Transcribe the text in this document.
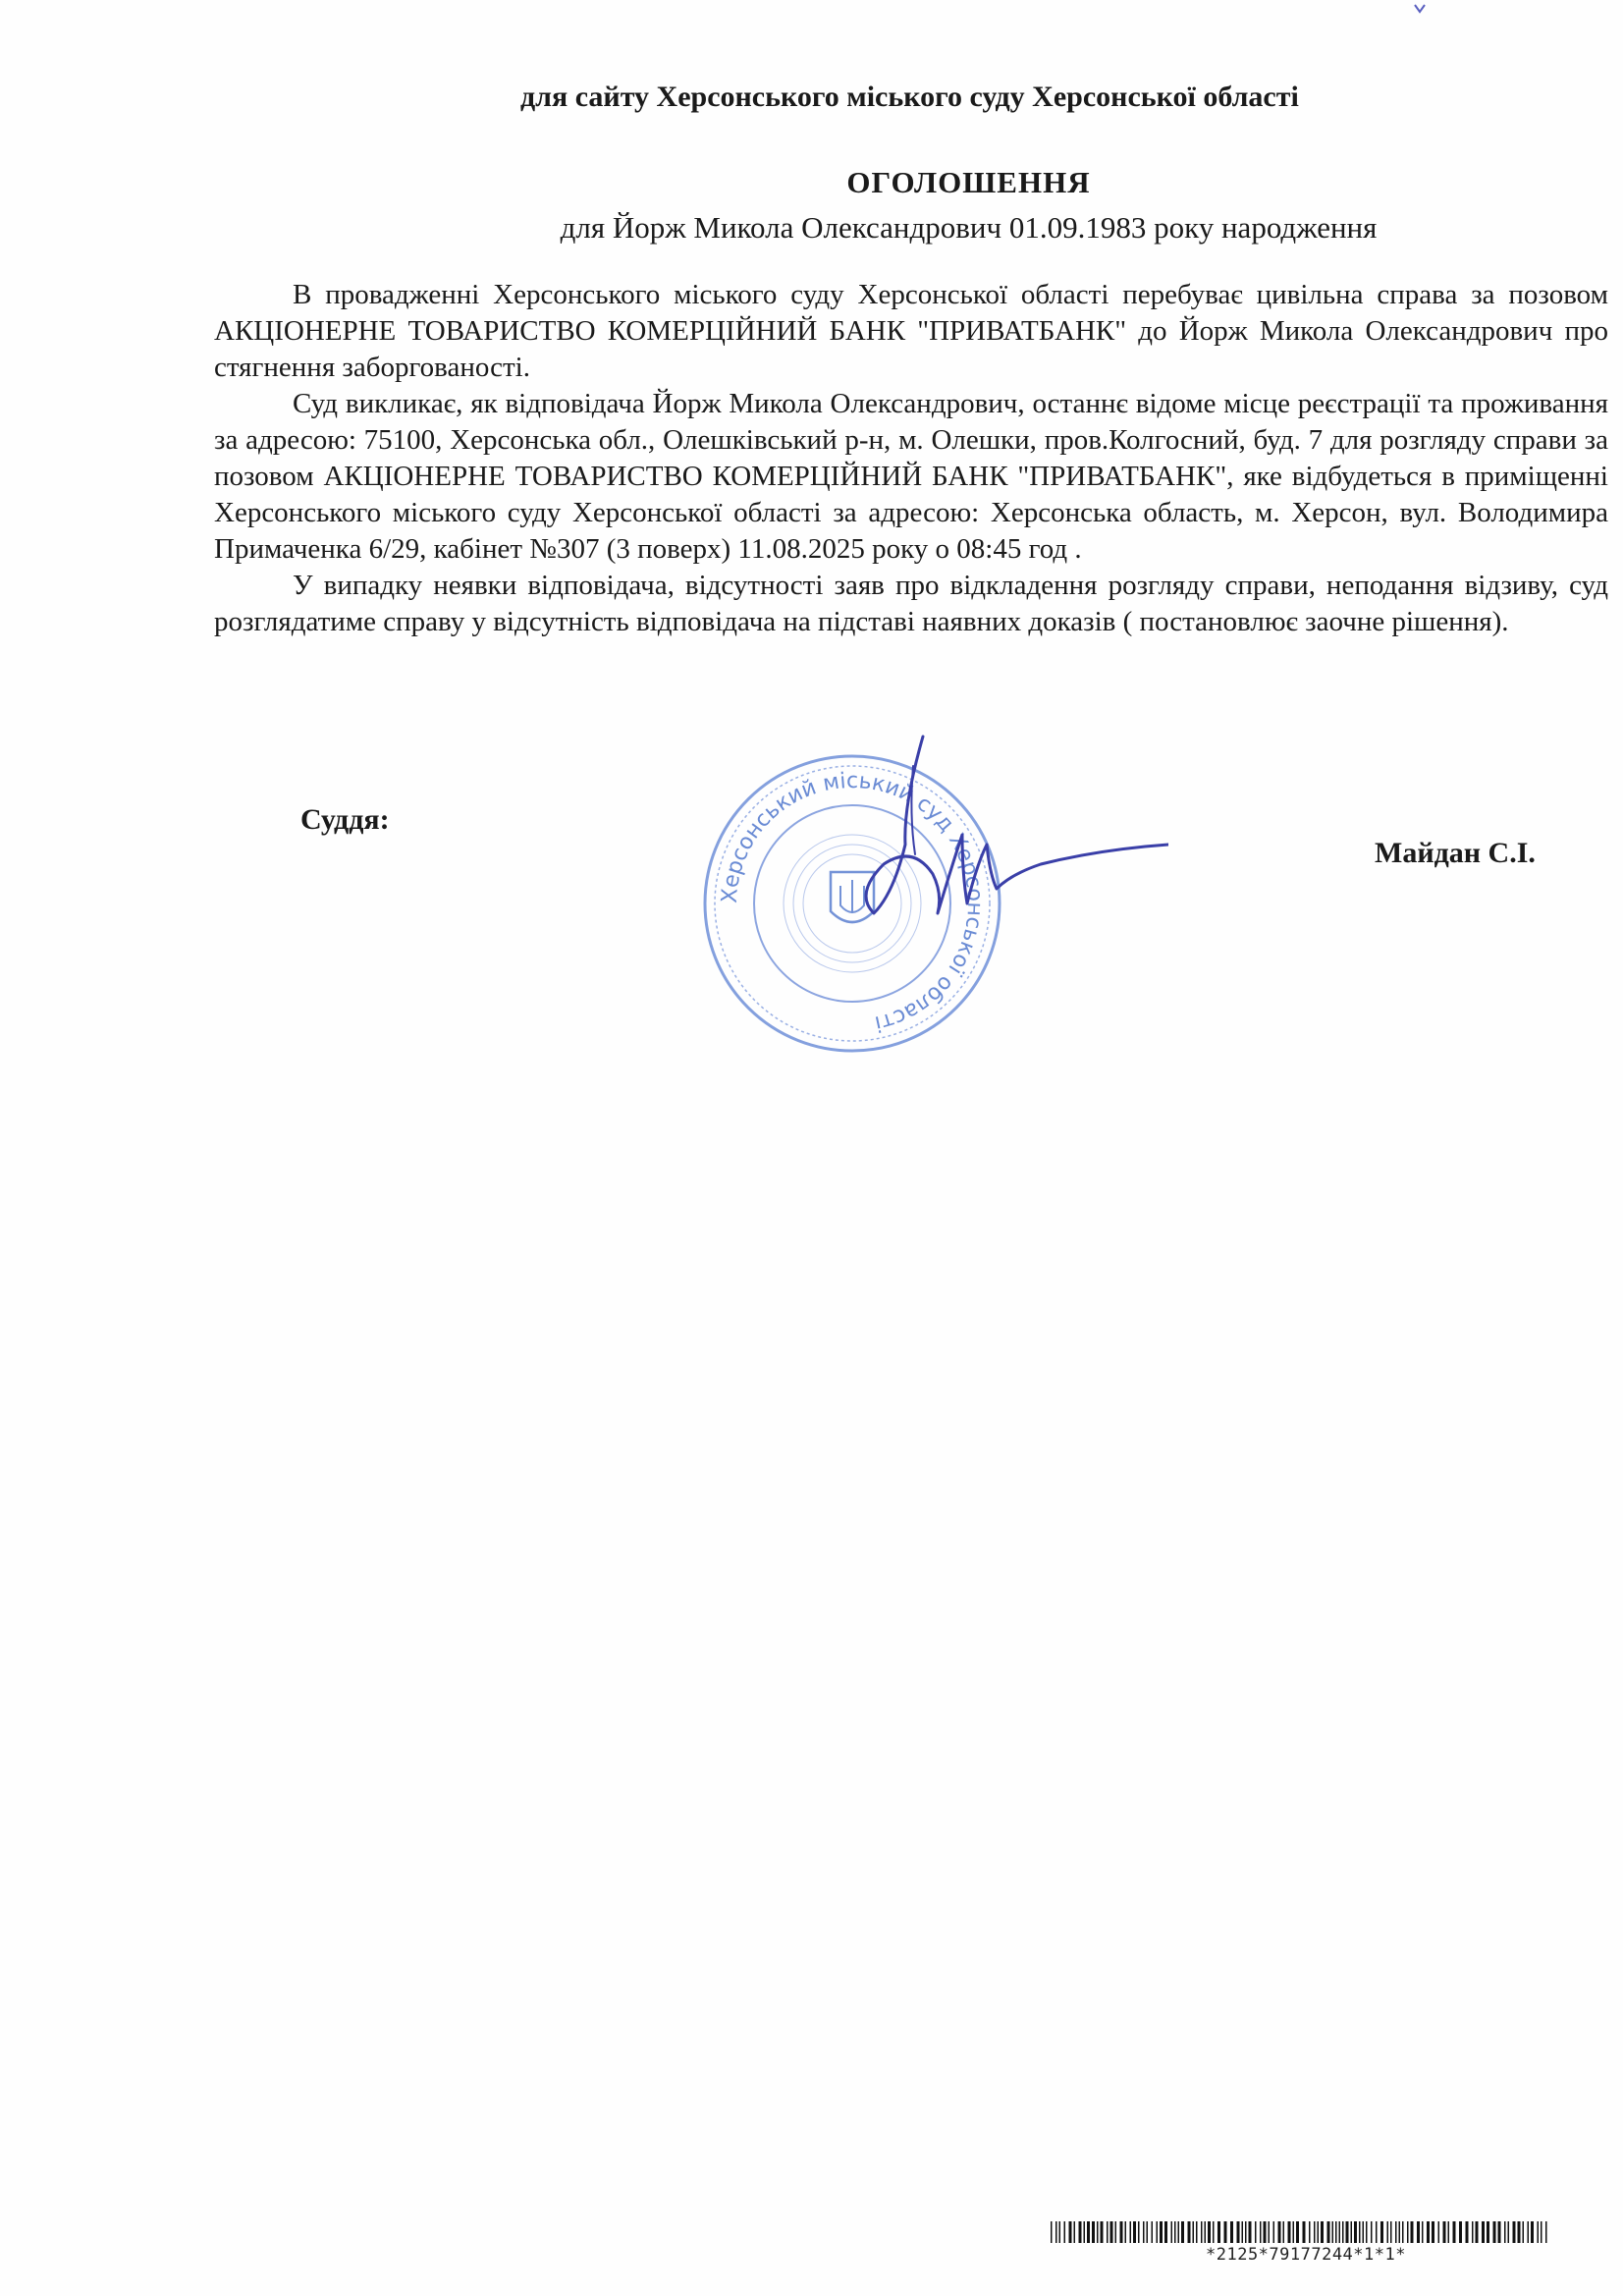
для сайту Херсонського міського суду Херсонської області
ОГОЛОШЕННЯ
для Йорж Микола Олександрович 01.09.1983 року народження

В провадженні Херсонського міського суду Херсонської області перебуває цивільна справа за позовом АКЦІОНЕРНЕ ТОВАРИСТВО КОМЕРЦІЙНИЙ БАНК "ПРИВАТБАНК" до Йорж Микола Олександрович про стягнення заборгованості.

Суд викликає, як відповідача Йорж Микола Олександрович, останнє відоме місце реєстрації та проживання за адресою: 75100, Херсонська обл., Олешківський р-н, м. Олешки, пров.Колгосний, буд. 7 для розгляду справи за позовом АКЦІОНЕРНЕ ТОВАРИСТВО КОМЕРЦІЙНИЙ БАНК "ПРИВАТБАНК", яке відбудеться в приміщенні Херсонського міського суду Херсонської області за адресою: Херсонська область, м. Херсон, вул. Володимира Примаченка 6/29, кабінет №307 (3 поверх) 11.08.2025 року о 08:45 год .

У випадку неявки відповідача, відсутності заяв про відкладення розгляду справи, неподання відзиву, суд розглядатиме справу у відсутність відповідача на підставі наявних доказів ( постановлює заочне рішення).

Суддя:
Херсонський міський суд Херсонської області
Майдан С.І.
*2125*79177244*1*1*
